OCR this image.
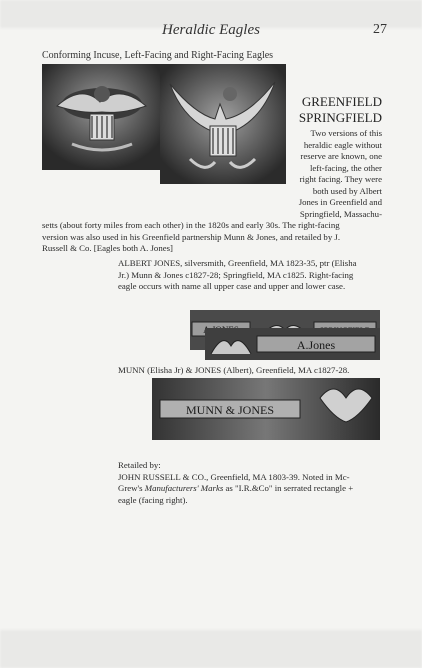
Heraldic Eagles	27
Conforming Incuse, Left-Facing and Right-Facing Eagles
GREENFIELD
SPRINGFIELD
Two versions of this
heraldic eagle without
reserve are known, one
left-facing, the other
right facing. They were
both used by Albert
Jones in Greenfield and
Springfield, Massachu-
setts (about forty miles from each other) in the 1820s and early 30s. The right-facing
version was also used in his Greenfield partnership Munn & Jones, and retailed by J.
Russell & Co. [Eagles both A. Jones]
ALBERT JONES, silversmith, Greenfield, MA 1823-35, ptr (Elisha
Jr.) Munn & Jones c1827-28; Springfield, MA c1825. Right-facing
eagle occurs with name all upper case and upper and lower case.
A.Jones
MUNN (Elisha Jr) & JONES (Albert), Greenfield, MA c1827-28.
MUNN & JONES
Retailed by:
JOHN RUSSELL & CO., Greenfield, MA 1803-39. Noted in Mc-
Grew's Manufacturers' Marks as "I.R.&Co" in serrated rectangle +
eagle (facing right).
